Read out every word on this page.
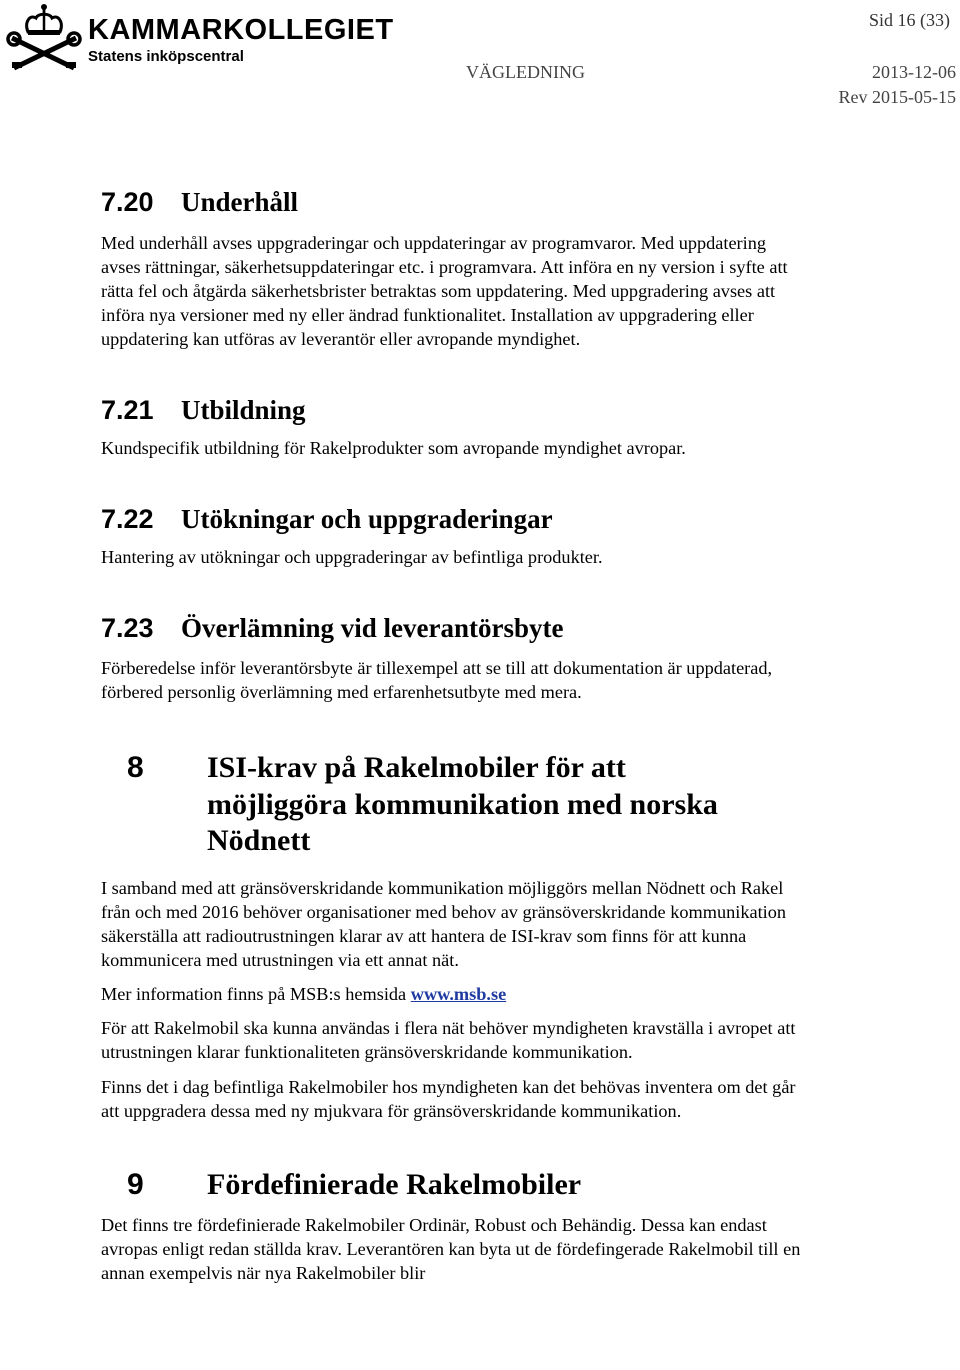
KAMMARKOLLEGIET
Statens inköpscentral
Sid 16 (33)
VÄGLEDNING	2013-12-06
Rev 2015-05-15
7.20	Underhåll

Med underhåll avses uppgraderingar och uppdateringar av programvaror. Med uppdatering avses rättningar, säkerhetsuppdateringar etc. i programvara. Att införa en ny version i syfte att rätta fel och åtgärda säkerhetsbrister betraktas som uppdatering. Med uppgradering avses att införa nya versioner med ny eller ändrad funktionalitet. Installation av uppgradering eller uppdatering kan utföras av leverantör eller avropande myndighet.

7.21	Utbildning

Kundspecifik utbildning för Rakelprodukter som avropande myndighet avropar.

7.22	Utökningar och uppgraderingar

Hantering av utökningar och uppgraderingar av befintliga produkter.

7.23	Överlämning vid leverantörsbyte

Förberedelse inför leverantörsbyte är tillexempel att se till att dokumentation är uppdaterad, förbered personlig överlämning med erfarenhetsutbyte med mera.

8	ISI-krav på Rakelmobiler för att möjliggöra kommunikation med norska Nödnett

I samband med att gränsöverskridande kommunikation möjliggörs mellan Nödnett och Rakel från och med 2016 behöver organisationer med behov av gränsöverskridande kommunikation säkerställa att radioutrustningen klarar av att hantera de ISI-krav som finns för att kunna kommunicera med utrustningen via ett annat nät.

Mer information finns på MSB:s hemsida www.msb.se

För att Rakelmobil ska kunna användas i flera nät behöver myndigheten kravställa i avropet att utrustningen klarar funktionaliteten gränsöverskridande kommunikation.

Finns det i dag befintliga Rakelmobiler hos myndigheten kan det behövas inventera om det går att uppgradera dessa med ny mjukvara för gränsöverskridande kommunikation.

9	Fördefinierade Rakelmobiler

Det finns tre fördefinierade Rakelmobiler Ordinär, Robust och Behändig. Dessa kan endast avropas enligt redan ställda krav. Leverantören kan byta ut de fördefingerade Rakelmobil till en annan exempelvis när nya Rakelmobiler blir
